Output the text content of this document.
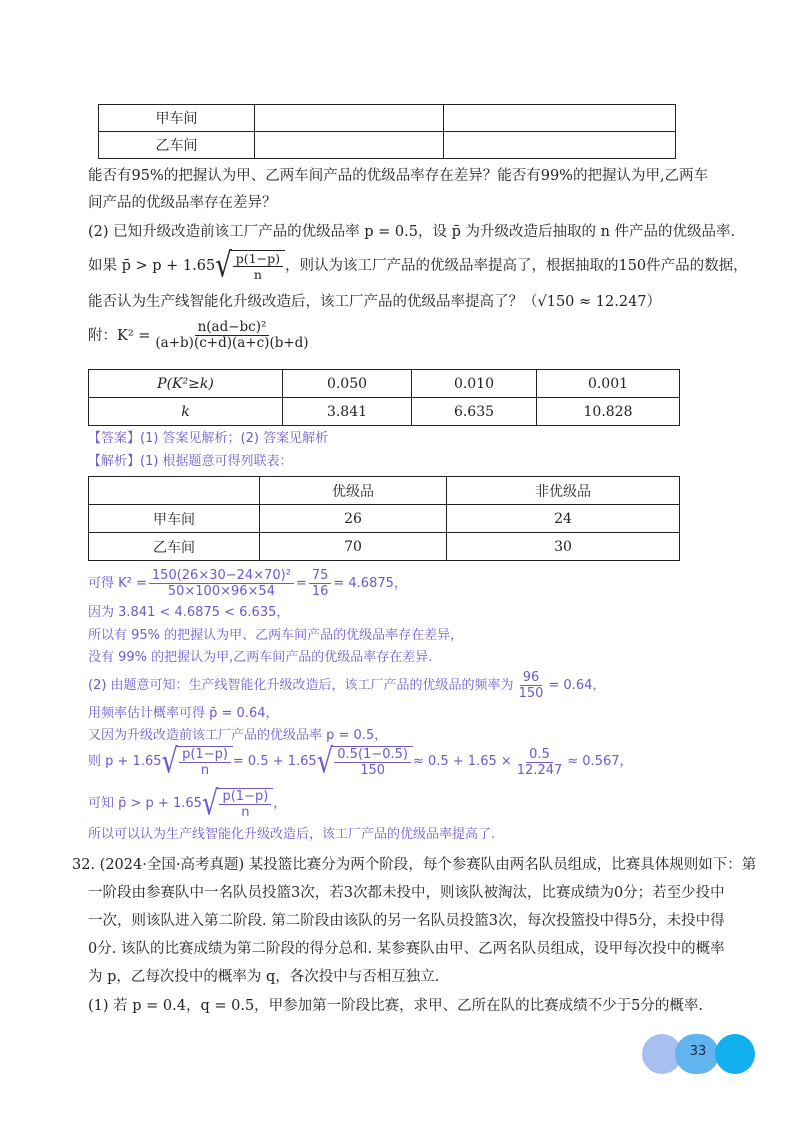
甲车间		
乙车间		
能否有95%的把握认为甲、乙两车间产品的优级品率存在差异？能否有99%的把握认为甲,乙两车
间产品的优级品率存在差异？
(2) 已知升级改造前该工厂产品的优级品率 p = 0.5，设 p̄ 为升级改造后抽取的 n 件产品的优级品率.
如果 p̄ > p + 1.65 √ $\frac{p(1-p)}{n}$ ，则认为该工厂产品的优级品率提高了，根据抽取的150件产品的数据，
能否认为生产线智能化升级改造后，该工厂产品的优级品率提高了？（√150 ≈ 12.247）
附：$K^2 = \frac{\text{n(ad−bc)²}}{(a+b)(c+d)(a+c)(b+d)}$
P(K²≥k)	0.050	0.010	0.001
k	3.841	6.635	10.828
【答案】(1) 答案见解析；(2) 答案见解析
【解析】(1) 根据题意可得列联表：
	优级品	非优级品
甲车间	26	24
乙车间	70	30
可得 $K^2 = \frac{\text{150(26×30−24×70)²}}{50\times 100\times 96\times 54} = \frac{75}{16} = 4.6875$，
因为 3.841 < 4.6875 < 6.635，
所以有 95% 的把握认为甲、乙两车间产品的优级品率存在差异，
没有 99% 的把握认为甲,乙两车间产品的优级品率存在差异.
(2) 由题意可知：生产线智能化升级改造后，该工厂产品的优级品的频率为 $\frac{96}{150} = 0.64$，
用频率估计概率可得 p̄ = 0.64，
又因为升级改造前该工厂产品的优级品率 p = 0.5，
则 p + 1.65 √ $\frac{p(1-p)}{n} = 0.5 + 1.65$ √ $\frac{0.5(1-0.5)}{150} \approx 0.5 + 1.65 \times \frac{0.5}{12.247} \approx 0.567$，
可知 p̄ > p + 1.65 √ $\frac{p(1-p)}{n}$ ，
所以可以认为生产线智能化升级改造后，该工厂产品的优级品率提高了.
32. (2024·全国·高考真题) 某投篮比赛分为两个阶段，每个参赛队由两名队员组成，比赛具体规则如下：第
一阶段由参赛队中一名队员投篮3次，若3次都未投中，则该队被淘汰，比赛成绩为0分；若至少投中
一次，则该队进入第二阶段. 第二阶段由该队的另一名队员投篮3次，每次投篮投中得5分，未投中得
0分. 该队的比赛成绩为第二阶段的得分总和. 某参赛队由甲、乙两名队员组成，设甲每次投中的概率
为 p，乙每次投中的概率为 q，各次投中与否相互独立.
(1) 若 p = 0.4，q = 0.5，甲参加第一阶段比赛，求甲、乙所在队的比赛成绩不少于5分的概率.
33
